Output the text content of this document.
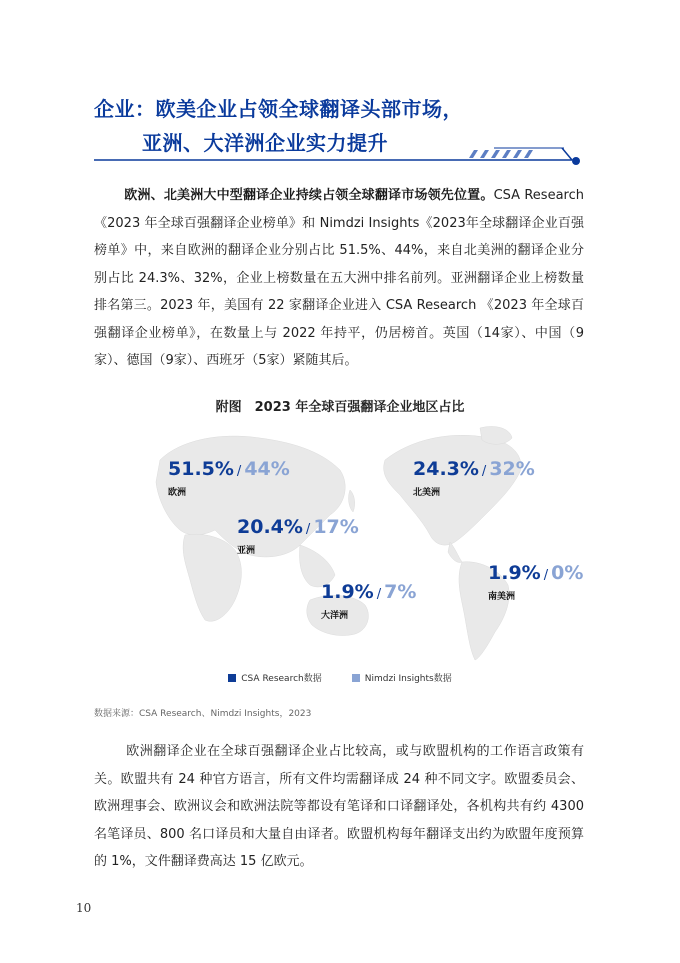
企业：欧美企业占领全球翻译头部市场，
亚洲、大洋洲企业实力提升
欧洲、北美洲大中型翻译企业持续占领全球翻译市场领先位置。CSA Research《2023 年全球百强翻译企业榜单》和 Nimdzi Insights《2023年全球翻译企业百强榜单》中，来自欧洲的翻译企业分别占比 51.5%、44%，来自北美洲的翻译企业分别占比 24.3%、32%，企业上榜数量在五大洲中排名前列。亚洲翻译企业上榜数量排名第三。2023 年，美国有 22 家翻译企业进入 CSA Research 《2023 年全球百强翻译企业榜单》，在数量上与 2022 年持平，仍居榜首。英国（14家）、中国（9家）、德国（9家）、西班牙（5家）紧随其后。
附图　2023 年全球百强翻译企业地区占比
51.5% / 44%
欧洲
24.3% / 32%
北美洲
20.4% / 17%
亚洲
1.9% / 7%
大洋洲
1.9% / 0%
南美洲
CSA Research数据	Nimdzi Insights数据
数据来源：CSA Research、Nimdzi Insights，2023
欧洲翻译企业在全球百强翻译企业占比较高，或与欧盟机构的工作语言政策有关。欧盟共有 24 种官方语言，所有文件均需翻译成 24 种不同文字。欧盟委员会、欧洲理事会、欧洲议会和欧洲法院等都设有笔译和口译翻译处，各机构共有约 4300 名笔译员、800 名口译员和大量自由译者。欧盟机构每年翻译支出约为欧盟年度预算的 1%，文件翻译费高达 15 亿欧元。
10
